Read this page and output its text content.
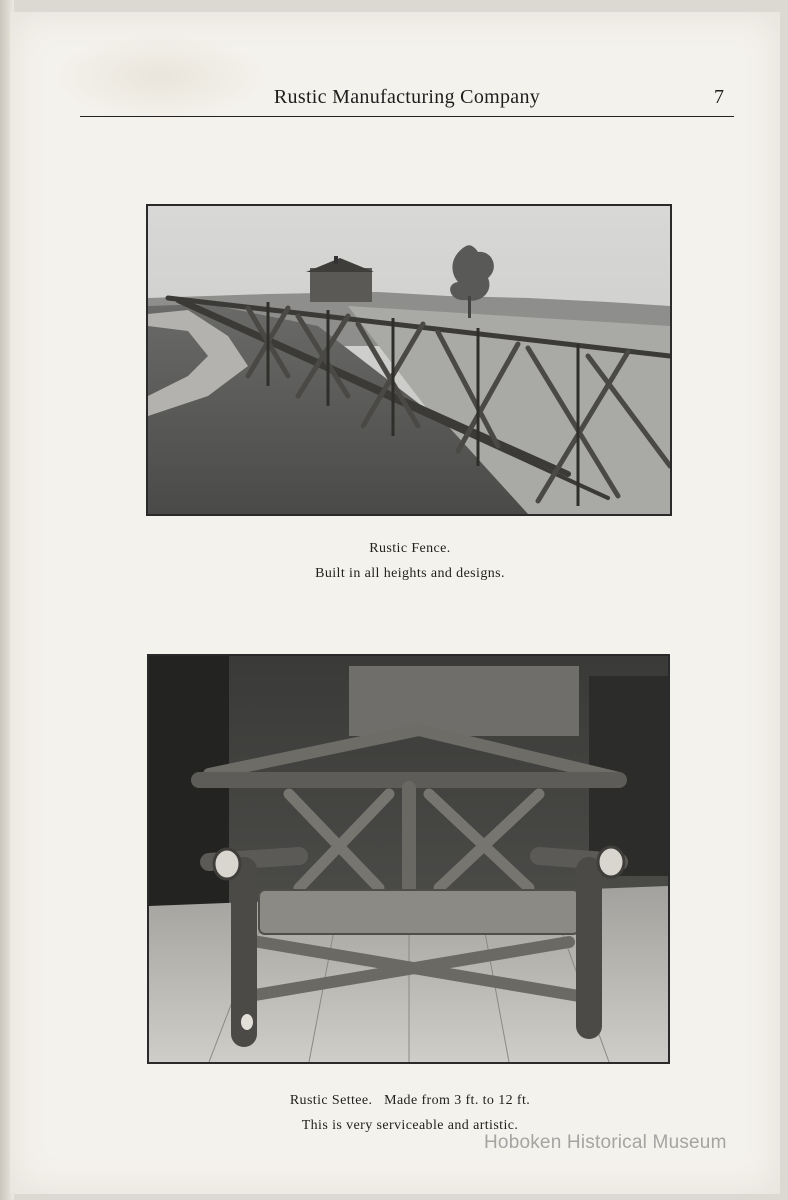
Rustic Manufacturing Company	7
Rustic Fence.
Built in all heights and designs.
Rustic Settee.   Made from 3 ft. to 12 ft.
This is very serviceable and artistic.
Hoboken Historical Museum
